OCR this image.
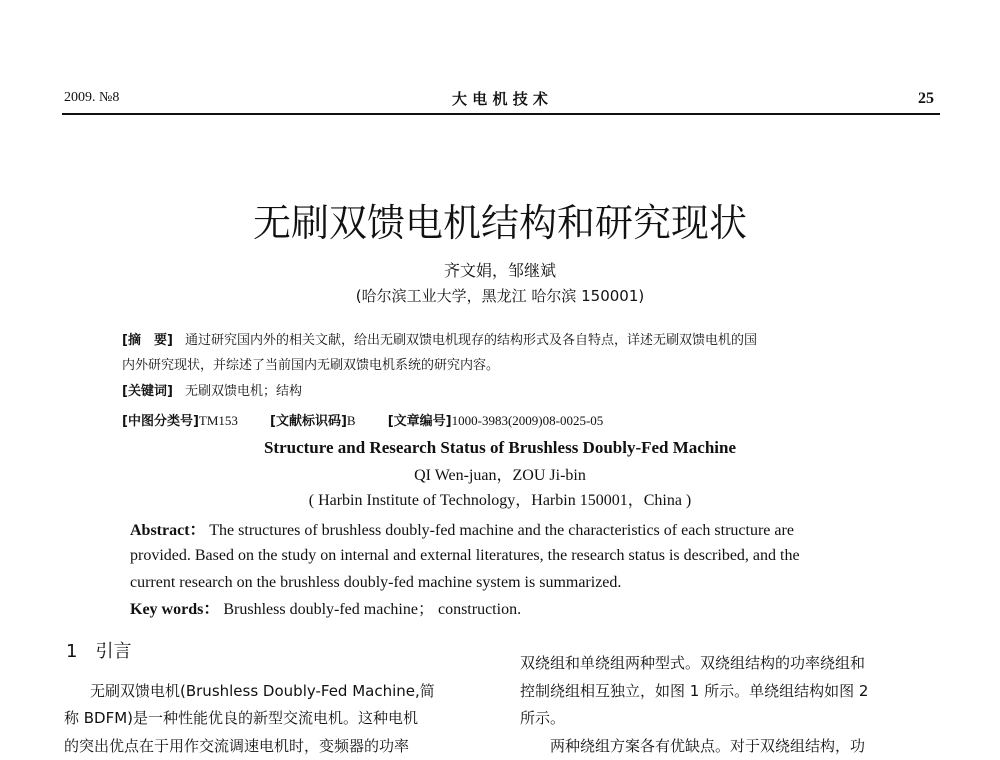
2009. №8	大 电 机 技 术	25
无刷双馈电机结构和研究现状
齐文娟，邹继斌
(哈尔滨工业大学，黑龙江 哈尔滨 150001)
[摘　要] 通过研究国内外的相关文献，给出无刷双馈电机现存的结构形式及各自特点，详述无刷双馈电机的国
内外研究现状，并综述了当前国内无刷双馈电机系统的研究内容。
[关键词] 无刷双馈电机；结构
[中图分类号]TM153 [文献标识码]B [文章编号]1000-3983(2009)08-0025-05
Structure and Research Status of Brushless Doubly-Fed Machine
QI Wen-juan，ZOU Ji-bin
( Harbin Institute of Technology，Harbin 150001，China )
Abstract： The structures of brushless doubly-fed machine and the characteristics of each structure are
provided. Based on the study on internal and external literatures, the research status is described, and the
current research on the brushless doubly-fed machine system is summarized.
Key words： Brushless doubly-fed machine； construction.
1 引言
无刷双馈电机(Brushless Doubly-Fed Machine,简
称 BDFM)是一种性能优良的新型交流电机。这种电机
的突出优点在于用作交流调速电机时，变频器的功率
双绕组和单绕组两种型式。双绕组结构的功率绕组和
控制绕组相互独立，如图 1 所示。单绕组结构如图 2
所示。
两种绕组方案各有优缺点。对于双绕组结构，功
